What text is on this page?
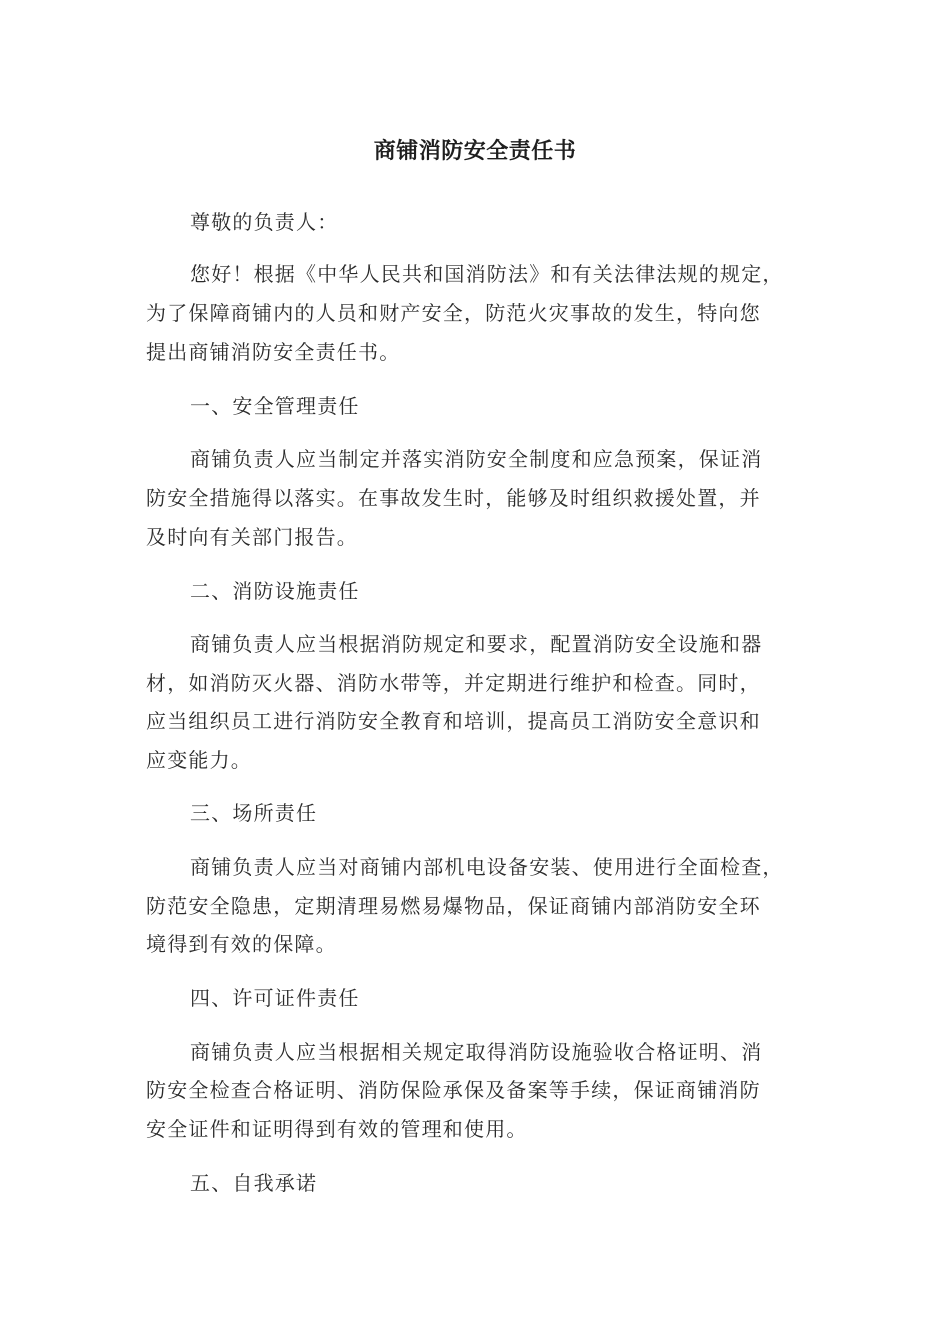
商铺消防安全责任书
尊敬的负责人：
您好！根据《中华人民共和国消防法》和有关法律法规的规定，
为了保障商铺内的人员和财产安全，防范火灾事故的发生，特向您
提出商铺消防安全责任书。
一、安全管理责任
商铺负责人应当制定并落实消防安全制度和应急预案，保证消
防安全措施得以落实。在事故发生时，能够及时组织救援处置，并
及时向有关部门报告。
二、消防设施责任
商铺负责人应当根据消防规定和要求，配置消防安全设施和器
材，如消防灭火器、消防水带等，并定期进行维护和检查。同时，
应当组织员工进行消防安全教育和培训，提高员工消防安全意识和
应变能力。
三、场所责任
商铺负责人应当对商铺内部机电设备安装、使用进行全面检查，
防范安全隐患，定期清理易燃易爆物品，保证商铺内部消防安全环
境得到有效的保障。
四、许可证件责任
商铺负责人应当根据相关规定取得消防设施验收合格证明、消
防安全检查合格证明、消防保险承保及备案等手续，保证商铺消防
安全证件和证明得到有效的管理和使用。
五、自我承诺
